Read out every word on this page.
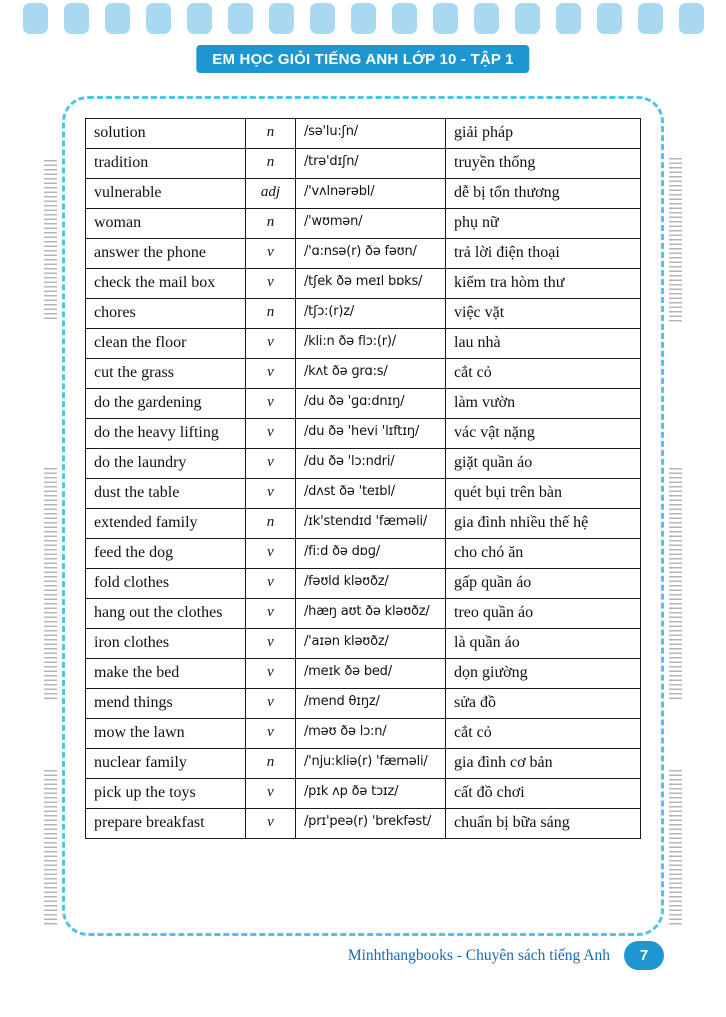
EM HỌC GIỎI TIẾNG ANH LỚP 10 - TẬP 1
solution	n	/sə'lu:ʃn/	giải pháp
tradition	n	/trə'dɪʃn/	truyền thống
vulnerable	adj	/'vʌlnərəbl/	dễ bị tổn thương
woman	n	/'wʊmən/	phụ nữ
answer the phone	v	/'ɑ:nsə(r) ðə fəʊn/	trả lời điện thoại
check the mail box	v	/tʃek ðə meɪl bɒks/	kiểm tra hòm thư
chores	n	/tʃɔ:(r)z/	việc vặt
clean the floor	v	/kli:n ðə flɔ:(r)/	lau nhà
cut the grass	v	/kʌt ðə ɡrɑ:s/	cắt cỏ
do the gardening	v	/du ðə 'ɡɑ:dnɪŋ/	làm vườn
do the heavy lifting	v	/du ðə 'hevi 'lɪftɪŋ/	vác vật nặng
do the laundry	v	/du ðə 'lɔ:ndri/	giặt quần áo
dust the table	v	/dʌst ðə 'teɪbl/	quét bụi trên bàn
extended family	n	/ɪk'stendɪd 'fæməli/	gia đình nhiều thế hệ
feed the dog	v	/fi:d ðə dɒɡ/	cho chó ăn
fold clothes	v	/fəʊld kləʊðz/	gấp quần áo
hang out the clothes	v	/hæŋ aʊt ðə kləʊðz/	treo quần áo
iron clothes	v	/'aɪən kləʊðz/	là quần áo
make the bed	v	/meɪk ðə bed/	dọn giường
mend things	v	/mend θɪŋz/	sửa đồ
mow the lawn	v	/məʊ ðə lɔ:n/	cắt cỏ
nuclear family	n	/'nju:kliə(r) 'fæməli/	gia đình cơ bản
pick up the toys	v	/pɪk ʌp ðə tɔɪz/	cất đồ chơi
prepare breakfast	v	/prɪ'peə(r) 'brekfəst/	chuẩn bị bữa sáng
Minhthangbooks - Chuyên sách tiếng Anh	7
